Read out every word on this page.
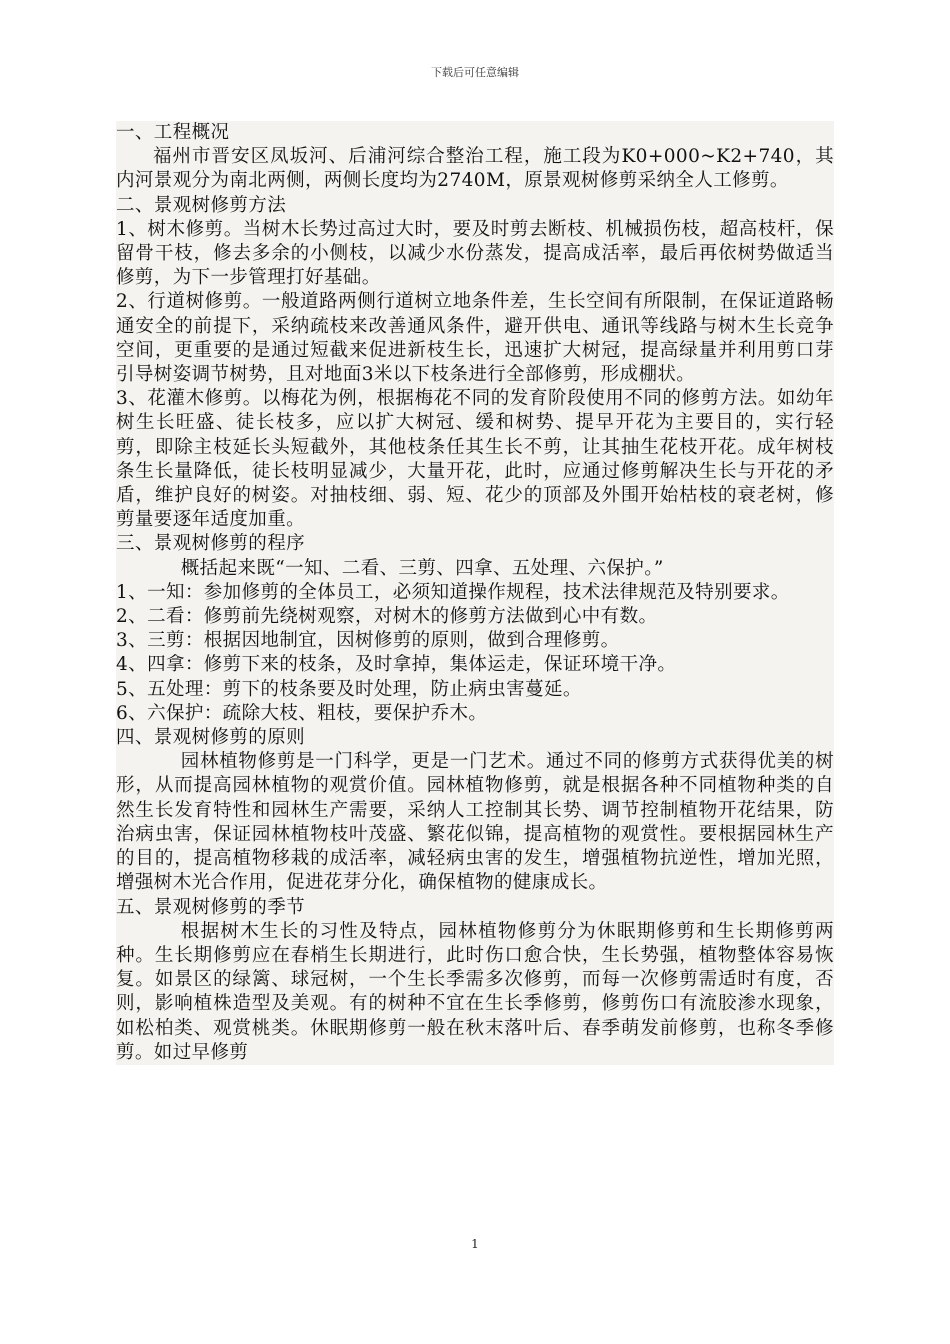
下载后可任意编辑

一、工程概况

福州市晋安区凤坂河、后浦河综合整治工程，施工段为K0+000~K2+740，其内河景观分为南北两侧，两侧长度均为2740M，原景观树修剪采纳全人工修剪。

二、景观树修剪方法

1、树木修剪。当树木长势过高过大时，要及时剪去断枝、机械损伤枝，超高枝杆，保留骨干枝，修去多余的小侧枝，以减少水份蒸发，提高成活率，最后再依树势做适当修剪，为下一步管理打好基础。

2、行道树修剪。一般道路两侧行道树立地条件差，生长空间有所限制，在保证道路畅通安全的前提下，采纳疏枝来改善通风条件，避开供电、通讯等线路与树木生长竞争空间，更重要的是通过短截来促进新枝生长，迅速扩大树冠，提高绿量并利用剪口芽引导树姿调节树势，且对地面3米以下枝条进行全部修剪，形成棚状。

3、花灌木修剪。以梅花为例，根据梅花不同的发育阶段使用不同的修剪方法。如幼年树生长旺盛、徒长枝多，应以扩大树冠、缓和树势、提早开花为主要目的，实行轻剪，即除主枝延长头短截外，其他枝条任其生长不剪，让其抽生花枝开花。成年树枝条生长量降低，徒长枝明显减少，大量开花，此时，应通过修剪解决生长与开花的矛盾，维护良好的树姿。对抽枝细、弱、短、花少的顶部及外围开始枯枝的衰老树，修剪量要逐年适度加重。

三、景观树修剪的程序

概括起来既“一知、二看、三剪、四拿、五处理、六保护。”

1、一知：参加修剪的全体员工，必须知道操作规程，技术法律规范及特别要求。

2、二看：修剪前先绕树观察，对树木的修剪方法做到心中有数。

3、三剪：根据因地制宜，因树修剪的原则，做到合理修剪。

4、四拿：修剪下来的枝条，及时拿掉，集体运走，保证环境干净。

5、五处理：剪下的枝条要及时处理，防止病虫害蔓延。

6、六保护：疏除大枝、粗枝，要保护乔木。

四、景观树修剪的原则

园林植物修剪是一门科学，更是一门艺术。通过不同的修剪方式获得优美的树形，从而提高园林植物的观赏价值。园林植物修剪，就是根据各种不同植物种类的自然生长发育特性和园林生产需要，采纳人工控制其长势、调节控制植物开花结果，防治病虫害，保证园林植物枝叶茂盛、繁花似锦，提高植物的观赏性。要根据园林生产的目的，提高植物移栽的成活率，减轻病虫害的发生，增强植物抗逆性，增加光照，增强树木光合作用，促进花芽分化，确保植物的健康成长。

五、景观树修剪的季节

根据树木生长的习性及特点，园林植物修剪分为休眠期修剪和生长期修剪两种。生长期修剪应在春梢生长期进行，此时伤口愈合快，生长势强，植物整体容易恢复。如景区的绿篱、球冠树，一个生长季需多次修剪，而每一次修剪需适时有度，否则，影响植株造型及美观。有的树种不宜在生长季修剪，修剪伤口有流胶渗水现象，如松柏类、观赏桃类。休眠期修剪一般在秋末落叶后、春季萌发前修剪，也称冬季修剪。如过早修剪

1
